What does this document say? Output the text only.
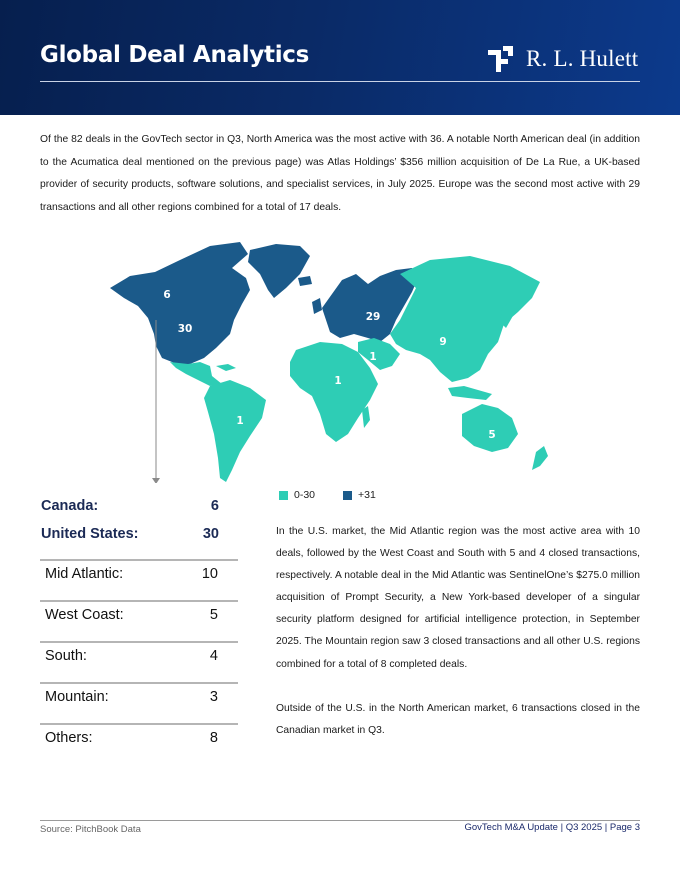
Global Deal Analytics	R. L. Hulett
Of the 82 deals in the GovTech sector in Q3, North America was the most active with 36. A notable North American deal (in addition to the Acumatica deal mentioned on the previous page) was Atlas Holdings’ $356 million acquisition of De La Rue, a UK-based provider of security products, software solutions, and specialist services, in July 2025. Europe was the second most active with 29 transactions and all other regions combined for a total of 17 deals.
6
30
29
9
1
1
1
5
0-30	+31
Canada:	6
United States:	30
Mid Atlantic:	10
West Coast:	5
South:	4
Mountain:	3
Others:	8

In the U.S. market, the Mid Atlantic region was the most active area with 10 deals, followed by the West Coast and South with 5 and 4 closed transactions, respectively. A notable deal in the Mid Atlantic was SentinelOne’s $275.0 million acquisition of Prompt Security, a New York-based developer of a singular security platform designed for artificial intelligence protection, in September 2025. The Mountain region saw 3 closed transactions and all other U.S. regions combined for a total of 8 completed deals.

Outside of the U.S. in the North American market, 6 transactions closed in the Canadian market in Q3.

Source: PitchBook Data	GovTech M&A Update | Q3 2025 | Page 3
